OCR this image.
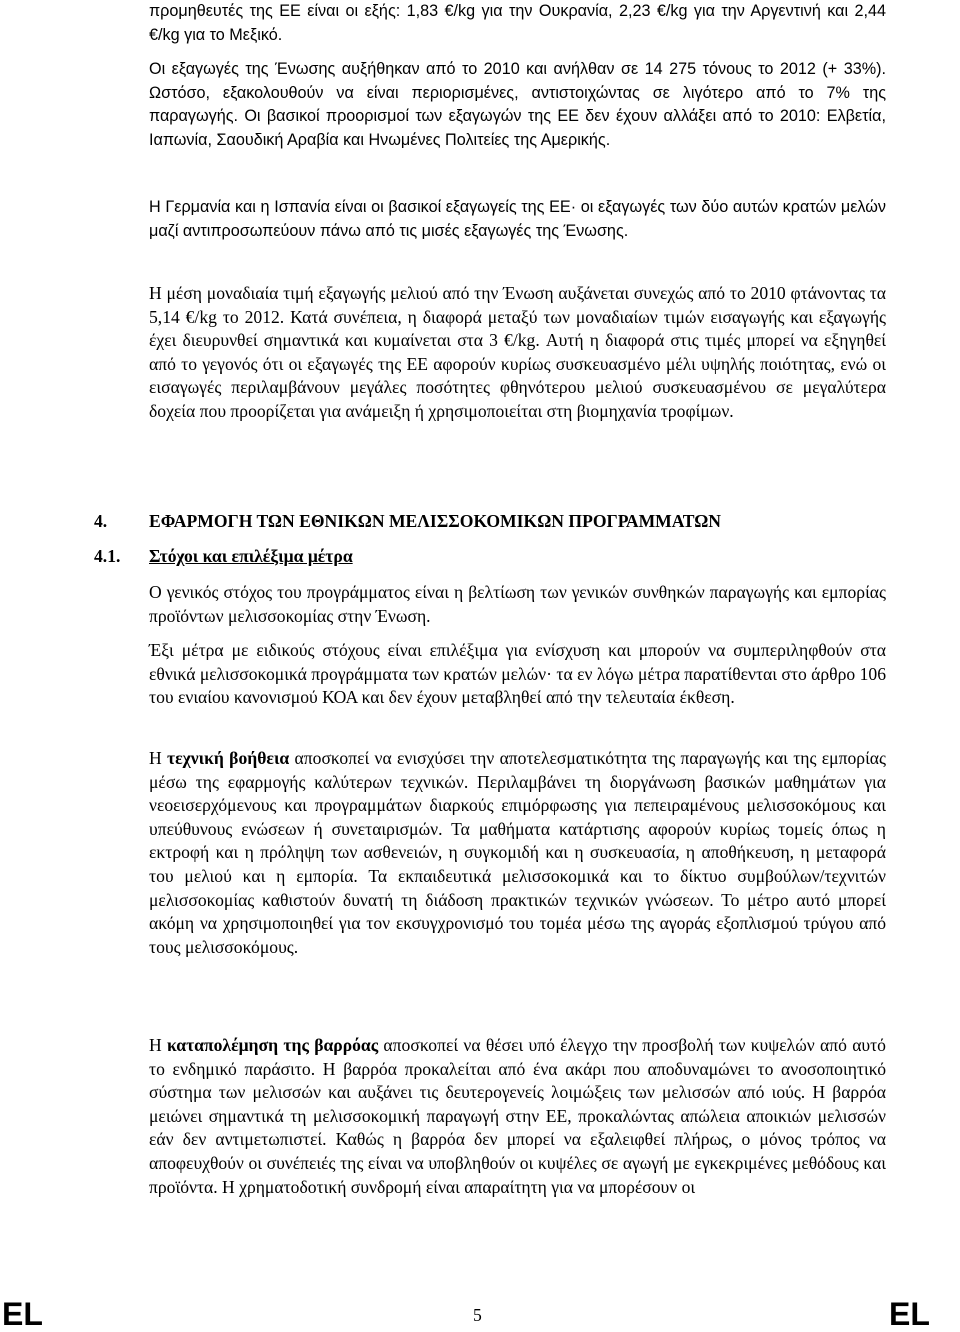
προμηθευτές της ΕΕ είναι οι εξής: 1,83 €/kg για την Ουκρανία, 2,23 €/kg για την Αργεντινή και 2,44 €/kg για το Μεξικό.

Οι εξαγωγές της Ένωσης αυξήθηκαν από το 2010 και ανήλθαν σε 14 275 τόνους το 2012 (+ 33%). Ωστόσο, εξακολουθούν να είναι περιορισμένες, αντιστοιχώντας σε λιγότερο από το 7% της παραγωγής. Οι βασικοί προορισμοί των εξαγωγών της ΕΕ δεν έχουν αλλάξει από το 2010: Ελβετία, Ιαπωνία, Σαουδική Αραβία και Ηνωμένες Πολιτείες της Αμερικής.

Η Γερμανία και η Ισπανία είναι οι βασικοί εξαγωγείς της ΕΕ· οι εξαγωγές των δύο αυτών κρατών μελών μαζί αντιπροσωπεύουν πάνω από τις μισές εξαγωγές της Ένωσης.

Η μέση μοναδιαία τιμή εξαγωγής μελιού από την Ένωση αυξάνεται συνεχώς από το 2010 φτάνοντας τα 5,14 €/kg το 2012. Κατά συνέπεια, η διαφορά μεταξύ των μοναδιαίων τιμών εισαγωγής και εξαγωγής έχει διευρυνθεί σημαντικά και κυμαίνεται στα 3 €/kg. Αυτή η διαφορά στις τιμές μπορεί να εξηγηθεί από το γεγονός ότι οι εξαγωγές της ΕΕ αφορούν κυρίως συσκευασμένο μέλι υψηλής ποιότητας, ενώ οι εισαγωγές περιλαμβάνουν μεγάλες ποσότητες φθηνότερου μελιού συσκευασμένου σε μεγαλύτερα δοχεία που προορίζεται για ανάμειξη ή χρησιμοποιείται στη βιομηχανία τροφίμων.

4. ΕΦΑΡΜΟΓΗ ΤΩΝ ΕΘΝΙΚΩΝ ΜΕΛΙΣΣΟΚΟΜΙΚΩΝ ΠΡΟΓΡΑΜΜΑΤΩΝ
4.1. Στόχοι και επιλέξιμα μέτρα

Ο γενικός στόχος του προγράμματος είναι η βελτίωση των γενικών συνθηκών παραγωγής και εμπορίας προϊόντων μελισσοκομίας στην Ένωση.

Έξι μέτρα με ειδικούς στόχους είναι επιλέξιμα για ενίσχυση και μπορούν να συμπεριληφθούν στα εθνικά μελισσοκομικά προγράμματα των κρατών μελών· τα εν λόγω μέτρα παρατίθενται στο άρθρο 106 του ενιαίου κανονισμού ΚΟΑ και δεν έχουν μεταβληθεί από την τελευταία έκθεση.

Η τεχνική βοήθεια αποσκοπεί να ενισχύσει την αποτελεσματικότητα της παραγωγής και της εμπορίας μέσω της εφαρμογής καλύτερων τεχνικών. Περιλαμβάνει τη διοργάνωση βασικών μαθημάτων για νεοεισερχόμενους και προγραμμάτων διαρκούς επιμόρφωσης για πεπειραμένους μελισσοκόμους και υπεύθυνους ενώσεων ή συνεταιρισμών. Τα μαθήματα κατάρτισης αφορούν κυρίως τομείς όπως η εκτροφή και η πρόληψη των ασθενειών, η συγκομιδή και η συσκευασία, η αποθήκευση, η μεταφορά του μελιού και η εμπορία. Τα εκπαιδευτικά μελισσοκομικά και το δίκτυο συμβούλων/τεχνιτών μελισσοκομίας καθιστούν δυνατή τη διάδοση πρακτικών τεχνικών γνώσεων. Το μέτρο αυτό μπορεί ακόμη να χρησιμοποιηθεί για τον εκσυγχρονισμό του τομέα μέσω της αγοράς εξοπλισμού τρύγου από τους μελισσοκόμους.

Η καταπολέμηση της βαρρόας αποσκοπεί να θέσει υπό έλεγχο την προσβολή των κυψελών από αυτό το ενδημικό παράσιτο. Η βαρρόα προκαλείται από ένα ακάρι που αποδυναμώνει το ανοσοποιητικό σύστημα των μελισσών και αυξάνει τις δευτερογενείς λοιμώξεις των μελισσών από ιούς. Η βαρρόα μειώνει σημαντικά τη μελισσοκομική παραγωγή στην ΕΕ, προκαλώντας απώλεια αποικιών μελισσών εάν δεν αντιμετωπιστεί. Καθώς η βαρρόα δεν μπορεί να εξαλειφθεί πλήρως, ο μόνος τρόπος να αποφευχθούν οι συνέπειές της είναι να υποβληθούν οι κυψέλες σε αγωγή με εγκεκριμένες μεθόδους και προϊόντα. Η χρηματοδοτική συνδρομή είναι απαραίτητη για να μπορέσουν οι

EL	5	EL
